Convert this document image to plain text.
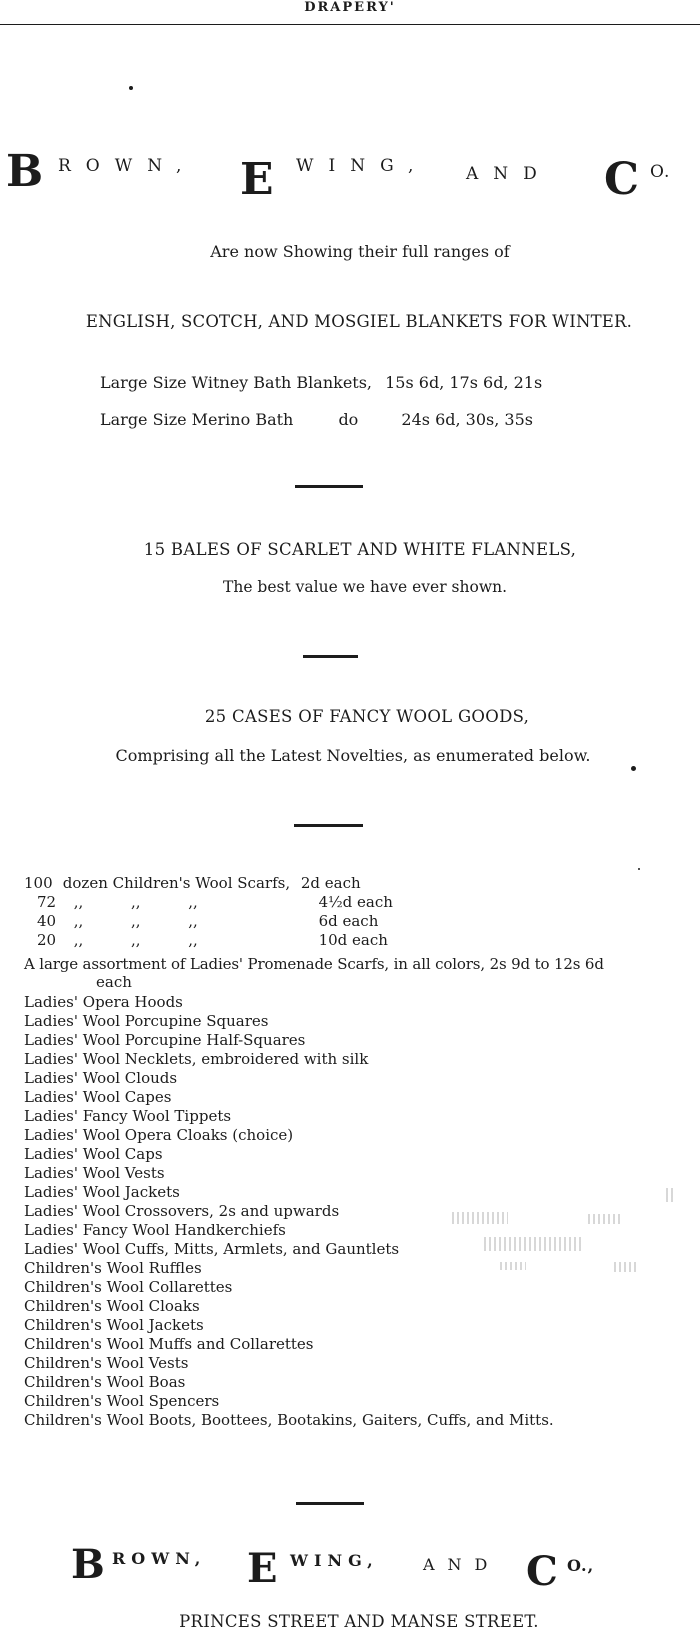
DRAPERY'
B ROWN, E WING, AND C O.
Are now Showing their full ranges of
ENGLISH, SCOTCH, AND MOSGIEL BLANKETS FOR WINTER.
Large Size Witney Bath Blankets, 15s 6d, 17s 6d, 21s
Large Size Merino Bath	do	24s 6d, 30s, 35s
15 BALES OF SCARLET AND WHITE FLANNELS,
The best value we have ever shown.
25 CASES OF FANCY WOOL GOODS,
Comprising all the Latest Novelties, as enumerated below.
100 dozen Children's Wool Scarfs, 2d each
72 ,,          ,,          ,,	4½d each
40 ,,          ,,          ,,	6d each
20 ,,          ,,          ,,	10d each
A large assortment of Ladies' Promenade Scarfs, in all colors, 2s 9d to 12s 6d
each
Ladies' Opera Hoods
Ladies' Wool Porcupine Squares
Ladies' Wool Porcupine Half-Squares
Ladies' Wool Necklets, embroidered with silk
Ladies' Wool Clouds
Ladies' Wool Capes
Ladies' Fancy Wool Tippets
Ladies' Wool Opera Cloaks (choice)
Ladies' Wool Caps
Ladies' Wool Vests
Ladies' Wool Jackets
Ladies' Wool Crossovers, 2s and upwards
Ladies' Fancy Wool Handkerchiefs
Ladies' Wool Cuffs, Mitts, Armlets, and Gauntlets
Children's Wool Ruffles
Children's Wool Collarettes
Children's Wool Cloaks
Children's Wool Jackets
Children's Wool Muffs and Collarettes
Children's Wool Vests
Children's Wool Boas
Children's Wool Spencers
Children's Wool Boots, Boottees, Bootakins, Gaiters, Cuffs, and Mitts.
B ROWN, E WING,	AND C O.,
PRINCES STREET AND MANSE STREET.
